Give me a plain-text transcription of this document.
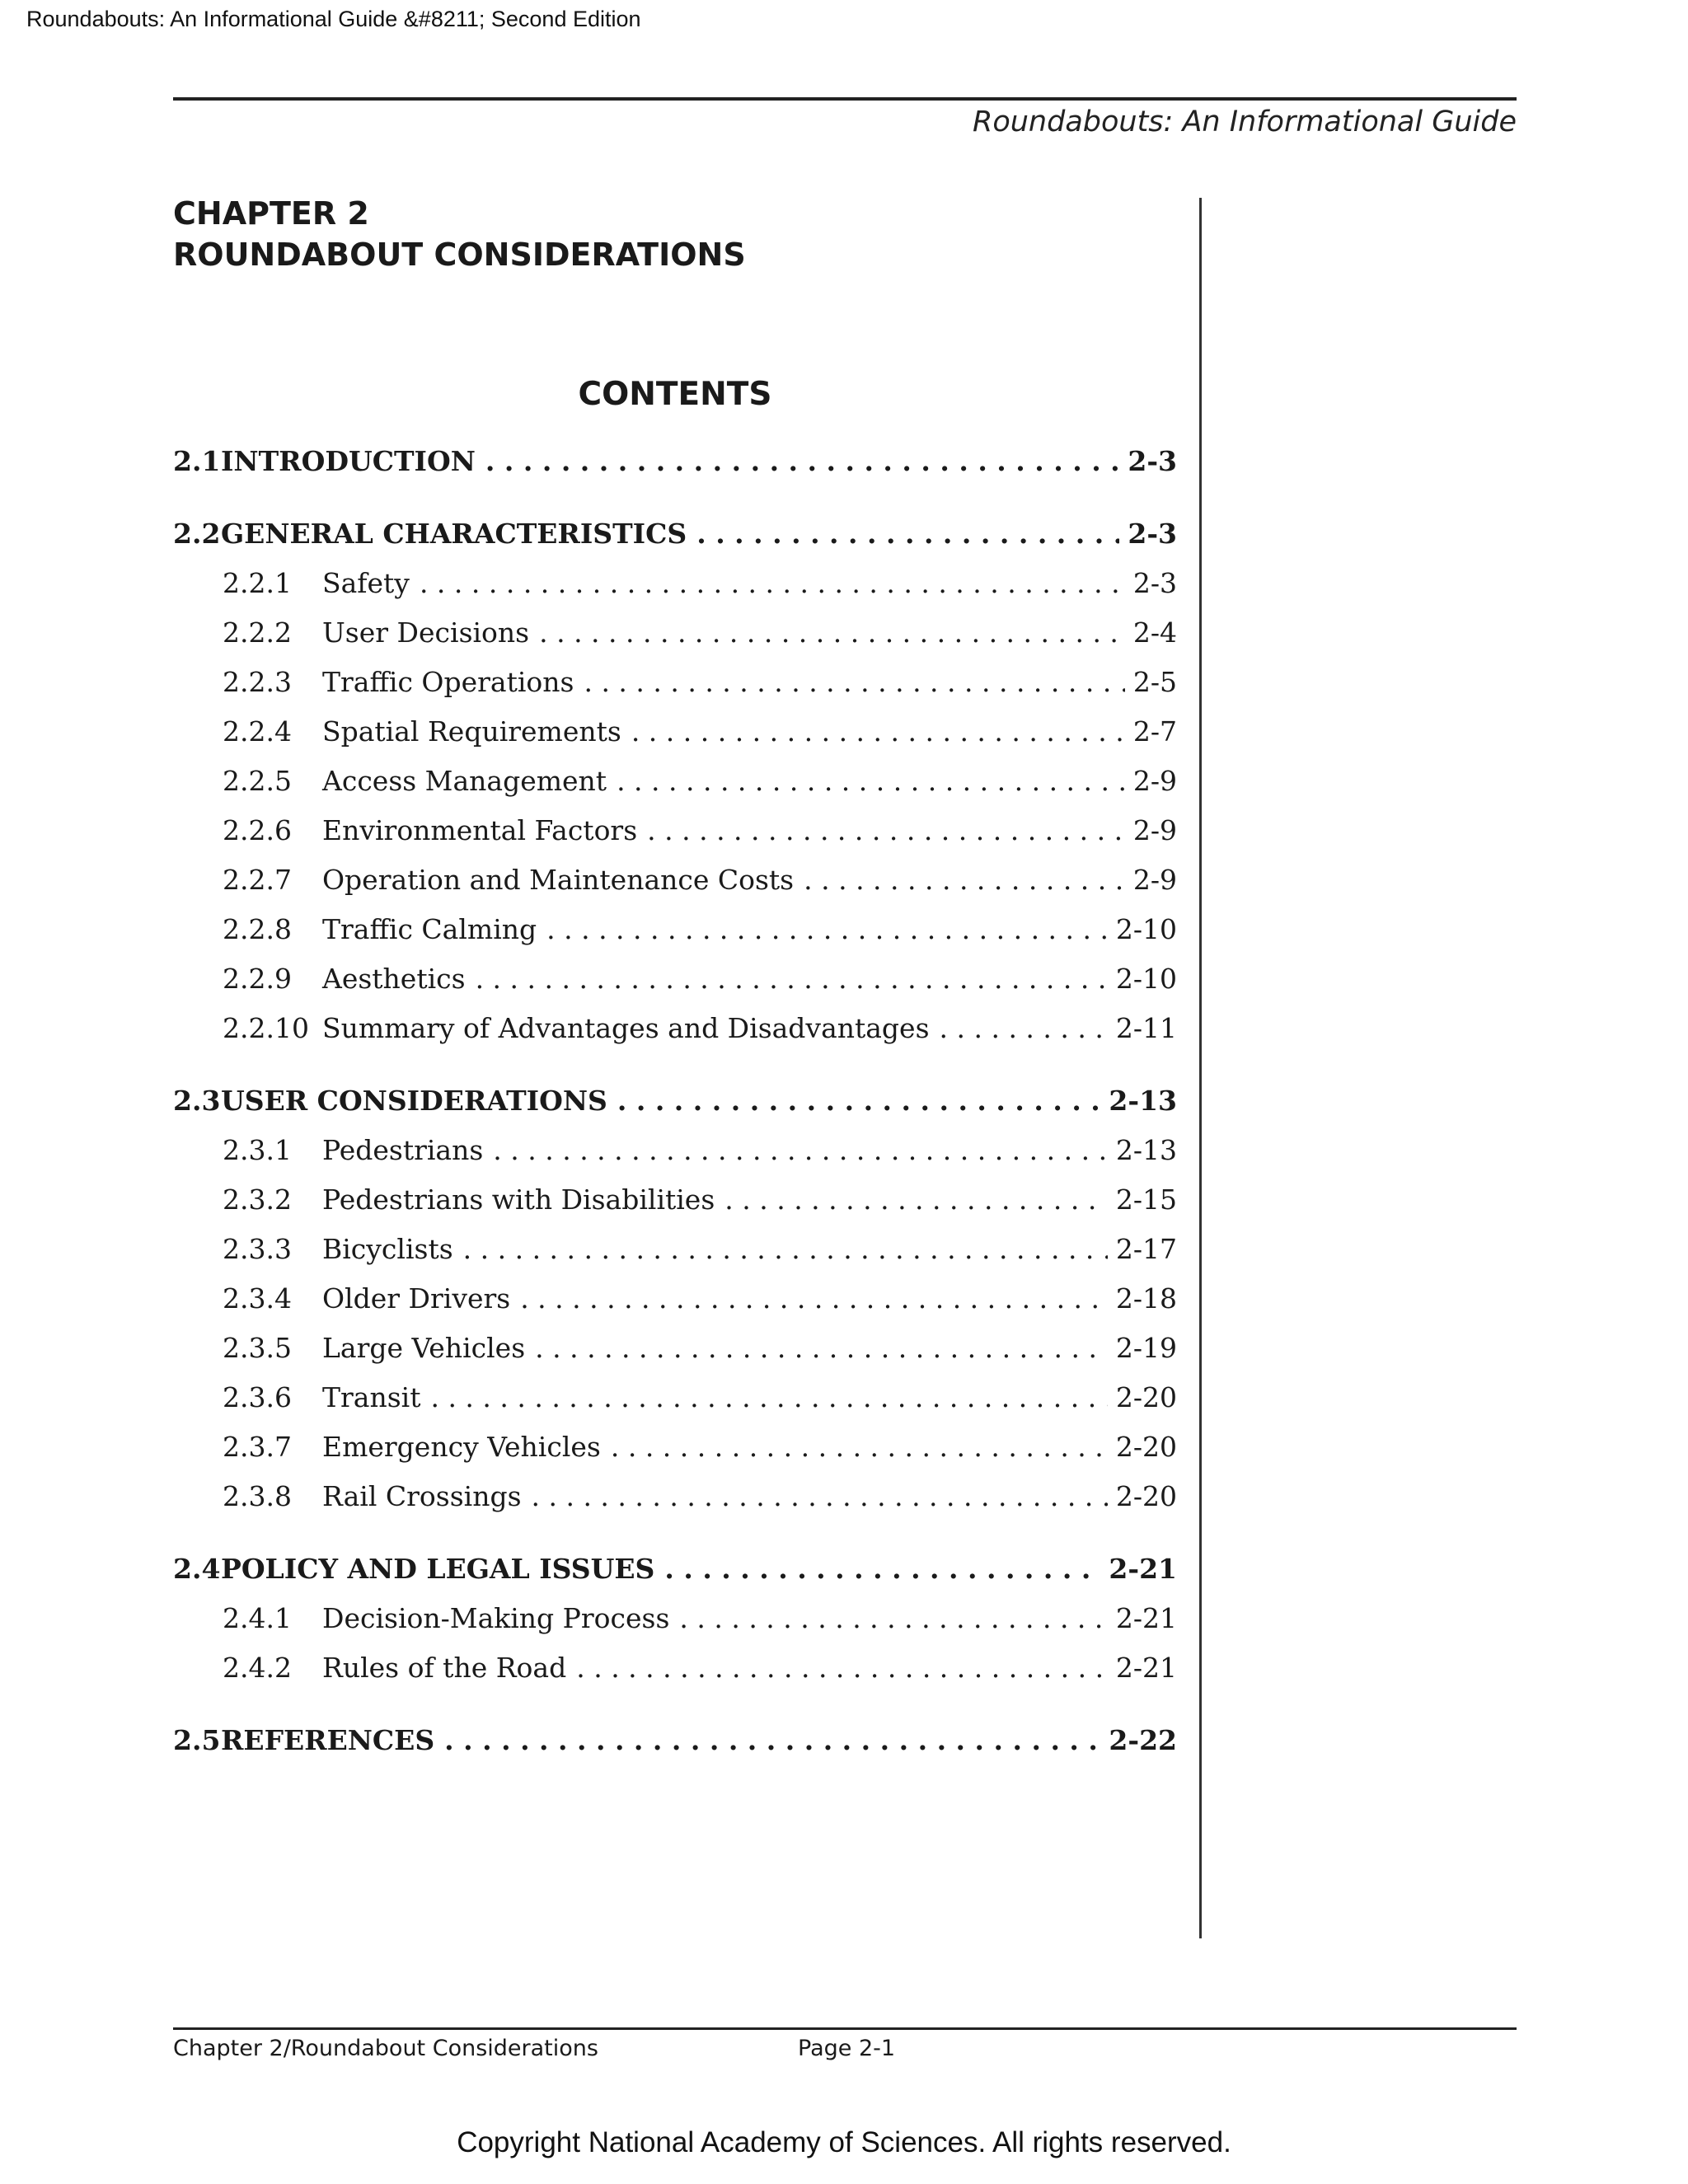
Roundabouts: An Informational Guide &#8211; Second Edition
Roundabouts: An Informational Guide
CHAPTER 2
ROUNDABOUT CONSIDERATIONS
CONTENTS
2.1 INTRODUCTION . . .	2-3
2.2 GENERAL CHARACTERISTICS . . .	2-3
2.2.1	Safety . . .	2-3
2.2.2	User Decisions . . .	2-4
2.2.3	Traffic Operations . . .	2-5
2.2.4	Spatial Requirements . . .	2-7
2.2.5	Access Management . . .	2-9
2.2.6	Environmental Factors . . .	2-9
2.2.7	Operation and Maintenance Costs . . .	2-9
2.2.8	Traffic Calming . . .	2-10
2.2.9	Aesthetics . . .	2-10
2.2.10 Summary of Advantages and Disadvantages . . .	2-11
2.3 USER CONSIDERATIONS . . .	2-13
2.3.1	Pedestrians . . .	2-13
2.3.2	Pedestrians with Disabilities . . .	2-15
2.3.3	Bicyclists . . .	2-17
2.3.4	Older Drivers . . .	2-18
2.3.5	Large Vehicles . . .	2-19
2.3.6	Transit . . .	2-20
2.3.7	Emergency Vehicles . . .	2-20
2.3.8	Rail Crossings . . .	2-20
2.4 POLICY AND LEGAL ISSUES . . .	2-21
2.4.1	Decision-Making Process . . .	2-21
2.4.2	Rules of the Road . . .	2-21
2.5 REFERENCES . . .	2-22
Chapter 2/Roundabout Considerations	Page 2-1
Copyright National Academy of Sciences. All rights reserved.
